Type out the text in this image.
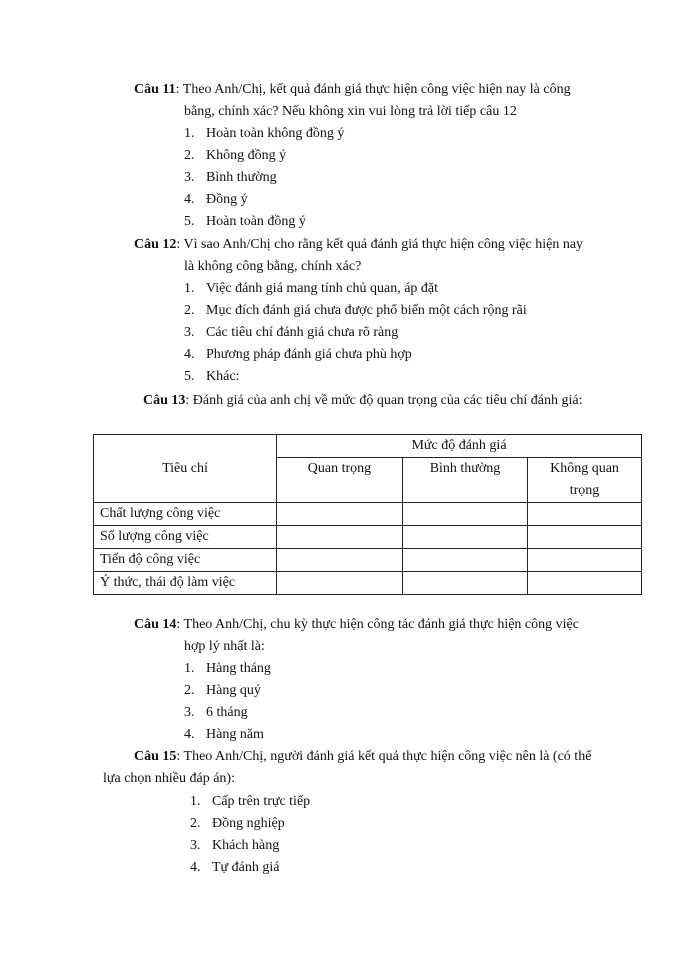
Câu 11: Theo Anh/Chị, kết quả đánh giá thực hiện công việc hiện nay là công
bằng, chính xác? Nếu không xin vui lòng trả lời tiếp câu 12
1. Hoàn toàn không đồng ý
2. Không đồng ý
3. Bình thường
4. Đồng ý
5. Hoàn toàn đồng ý
Câu 12: Vì sao Anh/Chị cho rằng kết quả đánh giá thực hiện công việc hiện nay
là không công bằng, chính xác?
1. Việc đánh giá mang tính chủ quan, áp đặt
2. Mục đích đánh giá chưa được phổ biến một cách rộng rãi
3. Các tiêu chí đánh giá chưa rõ ràng
4. Phương pháp đánh giá chưa phù hợp
5. Khác:
Câu 13: Đánh giá của anh chị về mức độ quan trọng của các tiêu chí đánh giá:
Tiêu chí	Mức độ đánh giá		
	Quan trọng	Bình thường	Không quan trọng
Chất lượng công việc			
Số lượng công việc			
Tiến độ công việc			
Ý thức, thái độ làm việc			
Câu 14: Theo Anh/Chị, chu kỳ thực hiện công tác đánh giá thực hiện công việc
hợp lý nhất là:
1. Hàng tháng
2. Hàng quý
3. 6 tháng
4. Hàng năm
Câu 15: Theo Anh/Chị, người đánh giá kết quả thực hiện công việc nên là (có thể
lựa chọn nhiều đáp án):
1. Cấp trên trực tiếp
2. Đồng nghiệp
3. Khách hàng
4. Tự đánh giá
